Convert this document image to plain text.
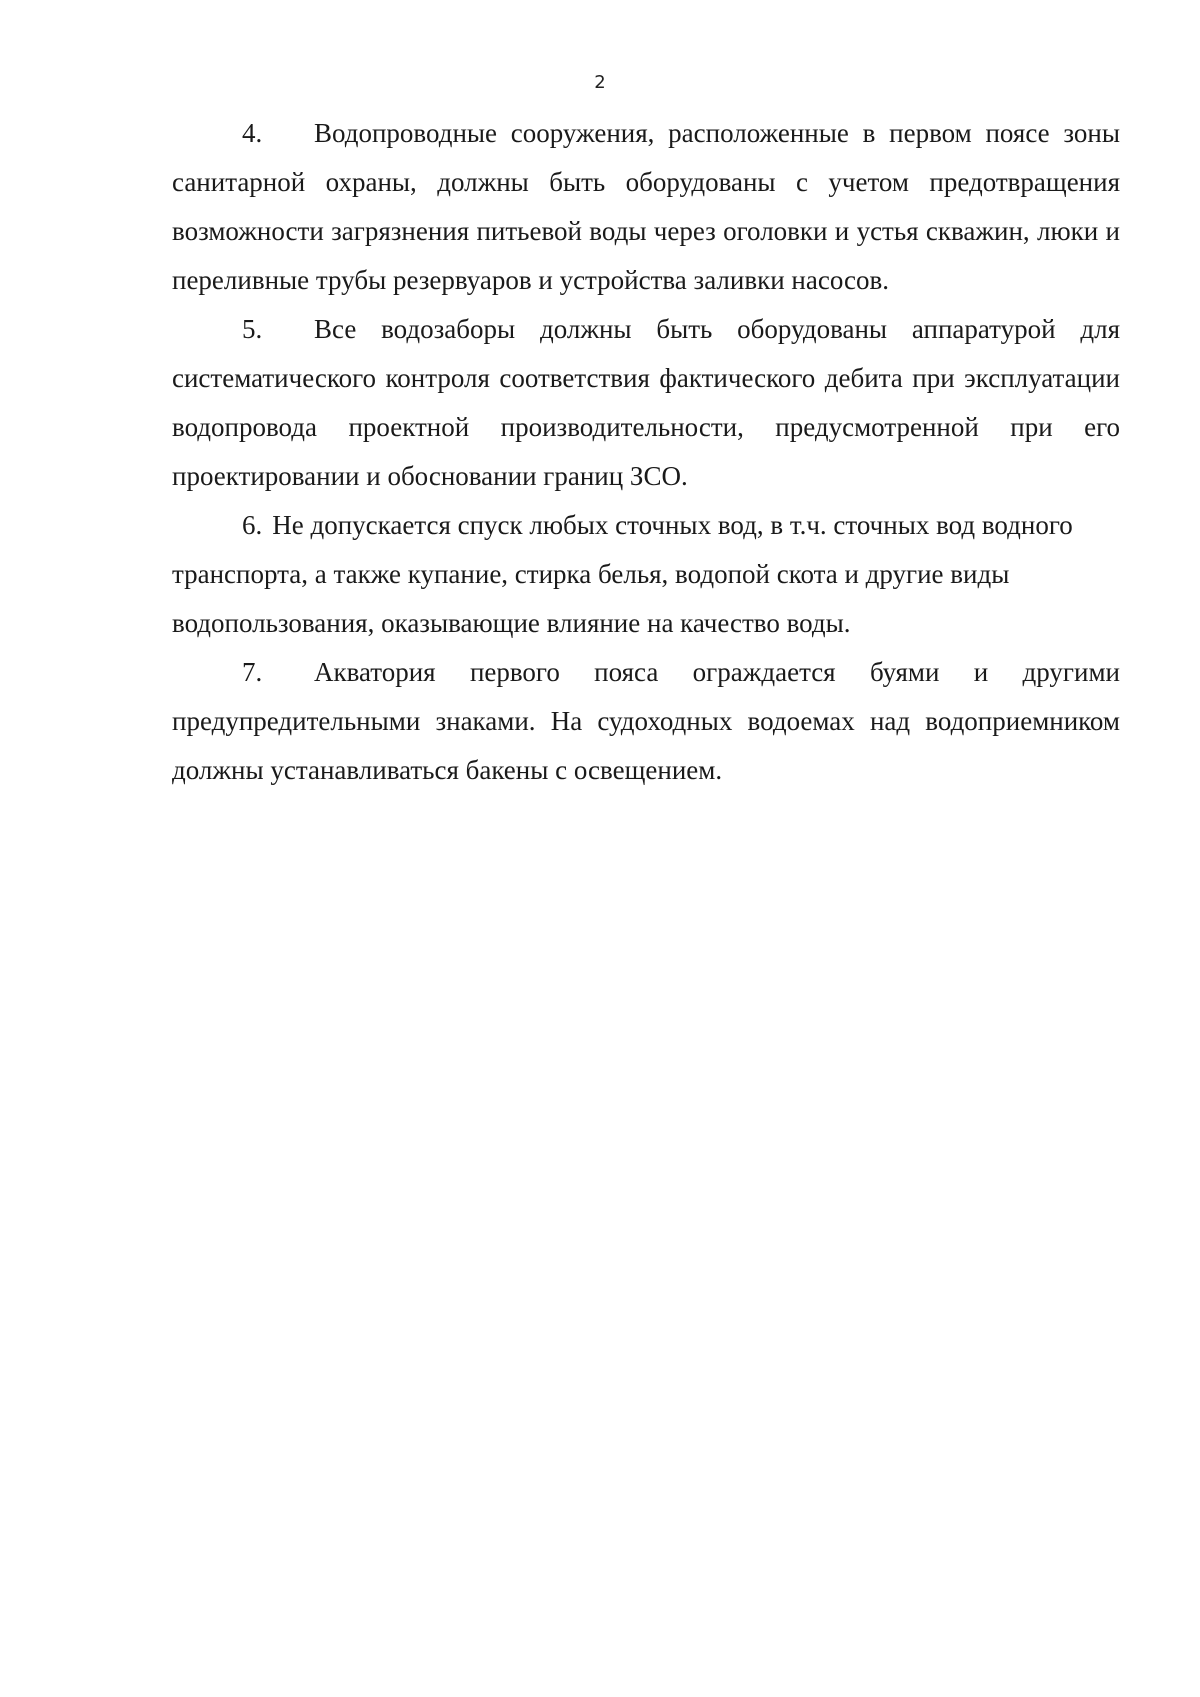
2

4. Водопроводные сооружения, расположенные в первом поясе зоны санитарной охраны, должны быть оборудованы с учетом предотвращения возможности загрязнения питьевой воды через оголовки и устья скважин, люки и переливные трубы резервуаров и устройства заливки насосов.

5. Все водозаборы должны быть оборудованы аппаратурой для систематического контроля соответствия фактического дебита при эксплуатации водопровода проектной производительности, предусмотренной при его проектировании и обосновании границ ЗСО.

6. Не допускается спуск любых сточных вод, в т.ч. сточных вод водного транспорта, а также купание, стирка белья, водопой скота и другие виды водопользования, оказывающие влияние на качество воды.

7. Акватория первого пояса ограждается буями и другими предупредительными знаками. На судоходных водоемах над водоприемником должны устанавливаться бакены с освещением.
